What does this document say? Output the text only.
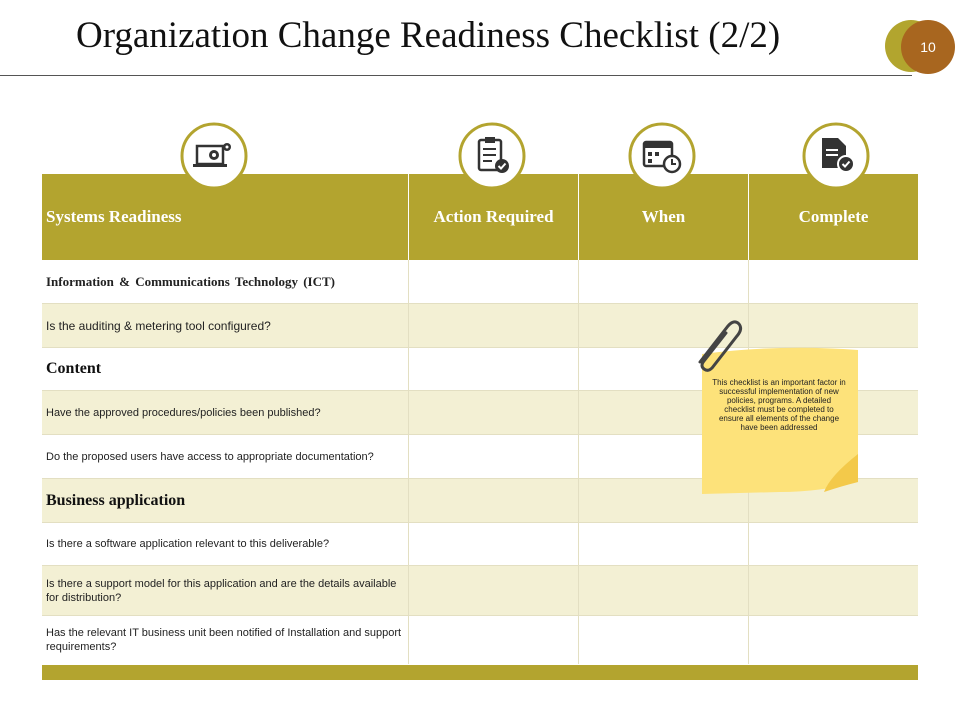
Organization Change Readiness Checklist (2/2)	10
Systems Readiness	Action Required	When	Complete
Information & Communications Technology (ICT)
Is the auditing & metering tool configured?
Content
Have the approved procedures/policies been published?
Do the proposed users have access to appropriate documentation?
Business application
Is there a software application relevant to this deliverable?
Is there a support model for this application and are the details available for distribution?
Has the relevant IT business unit been notified of Installation and support requirements?
This checklist is an important factor in successful implementation of new policies, programs. A detailed checklist must be completed to ensure all elements of the change have been addressed
